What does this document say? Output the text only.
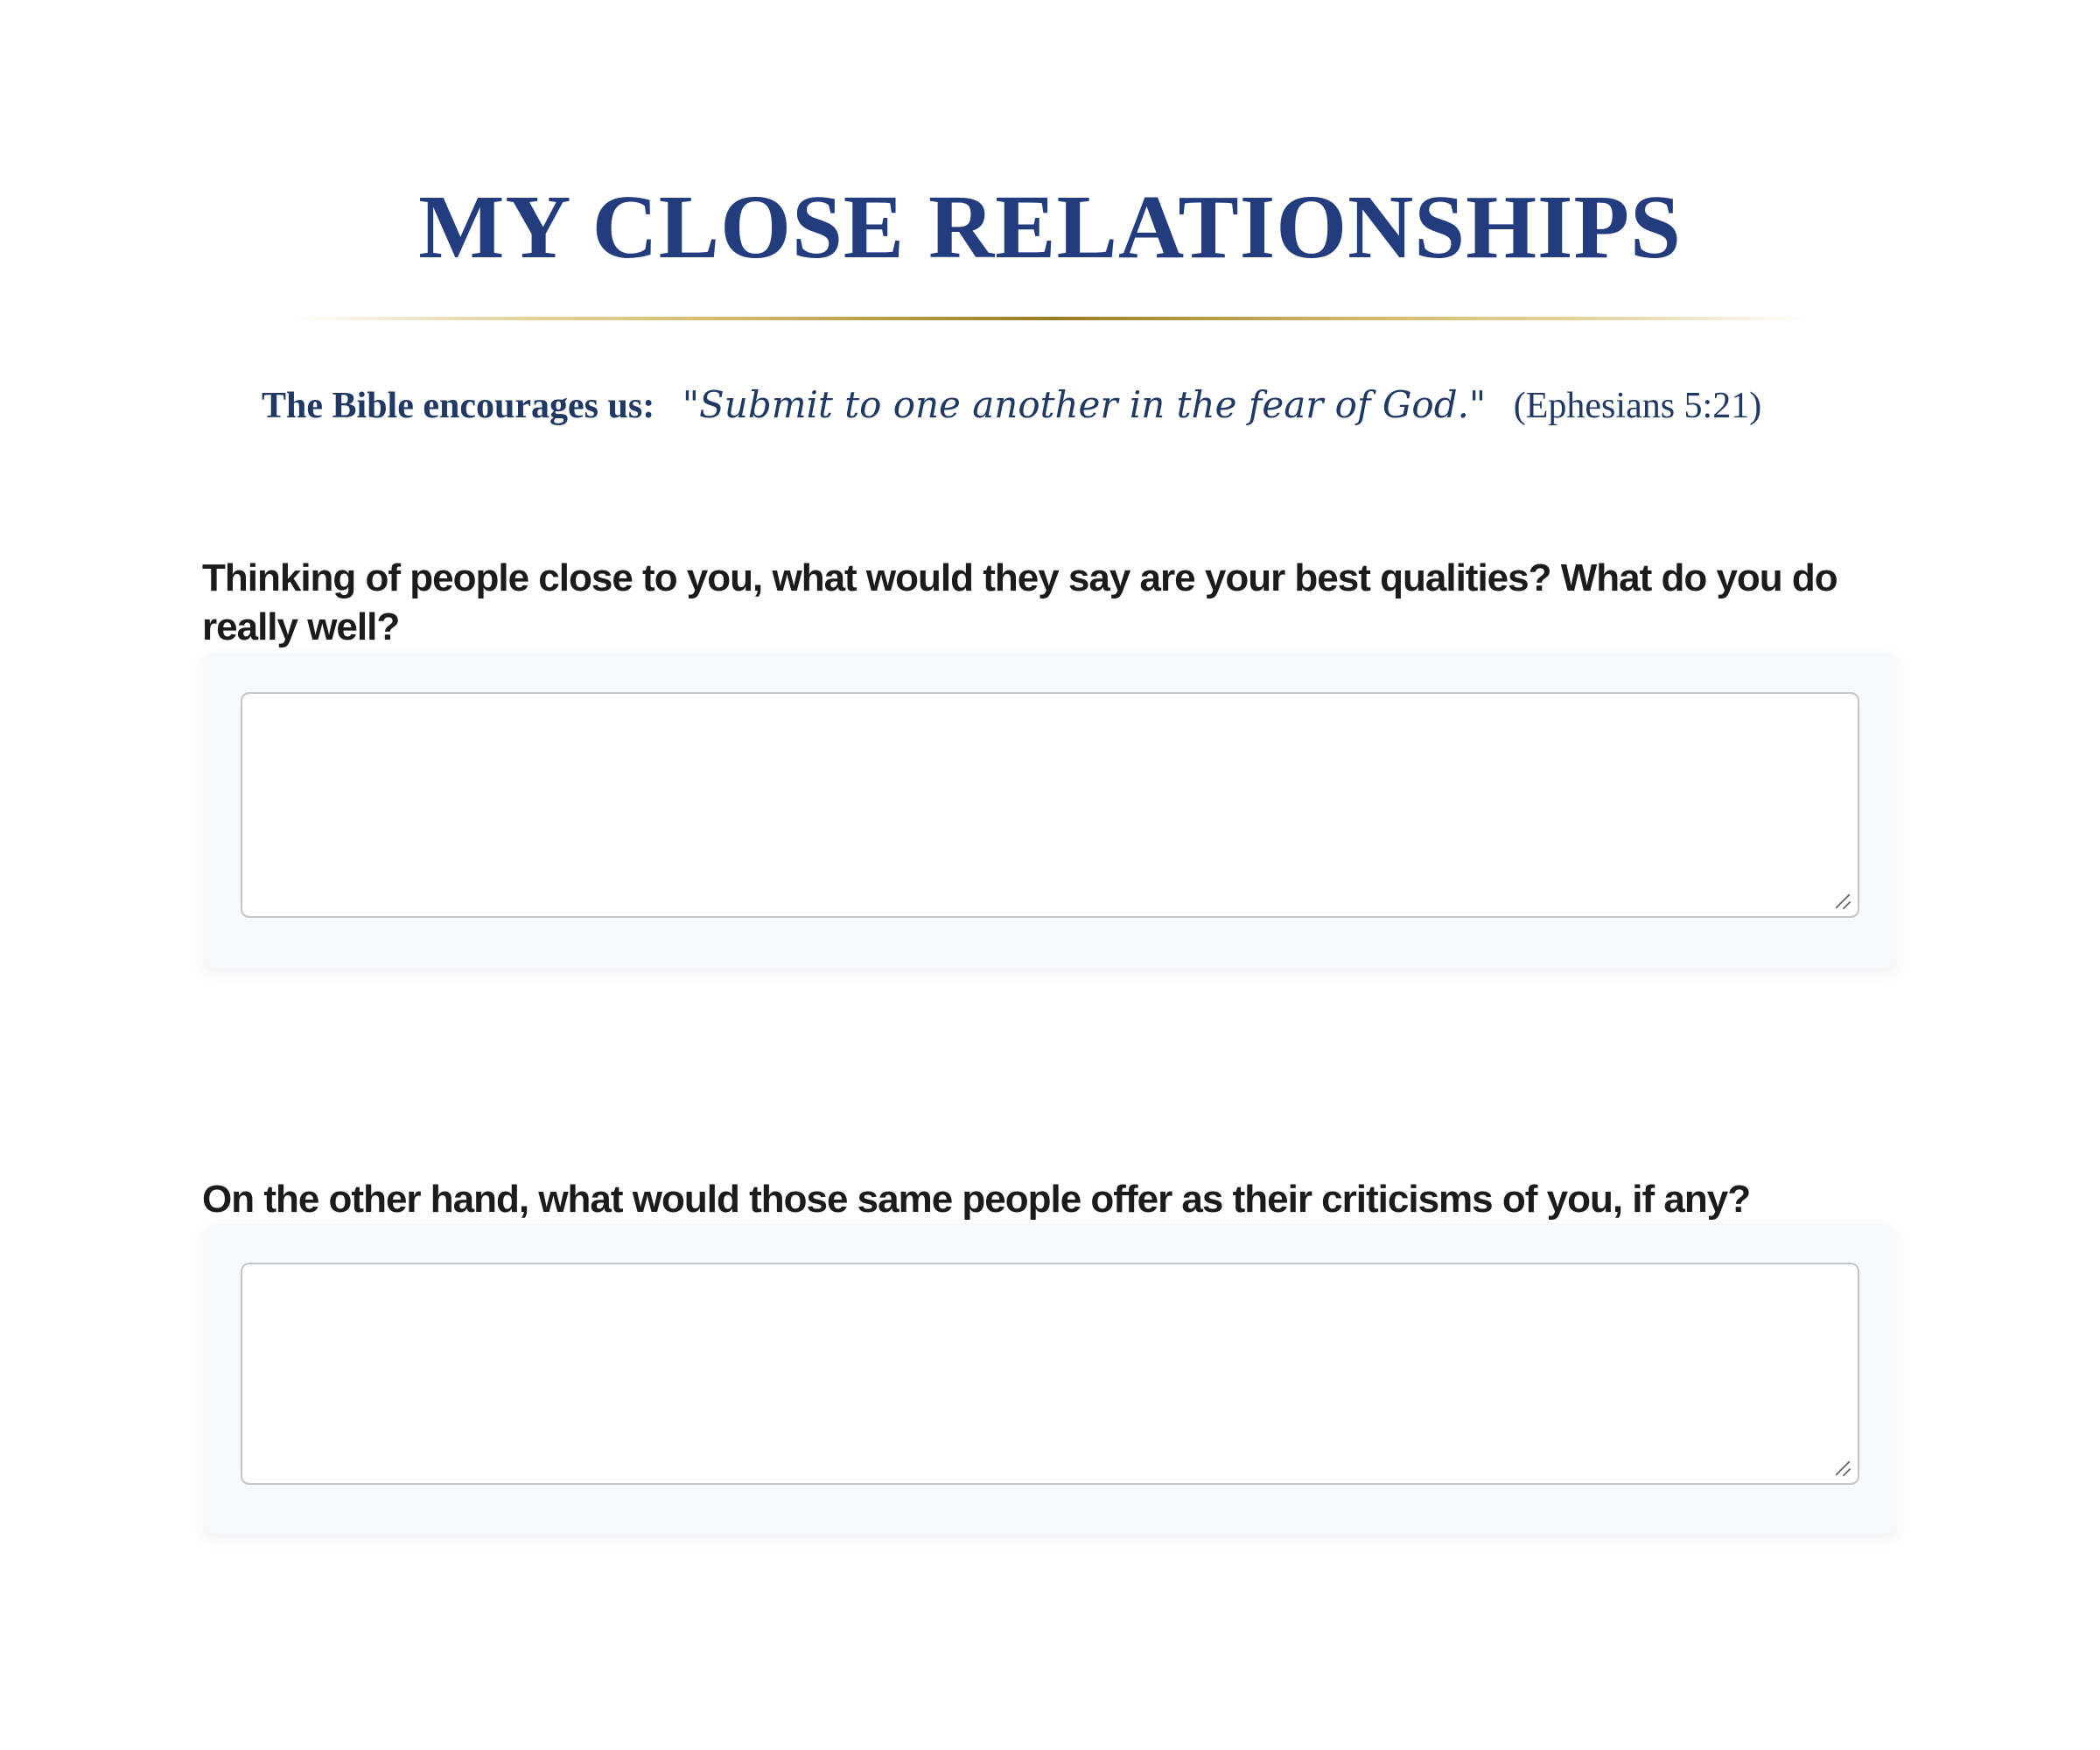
MY CLOSE RELATIONSHIPS

The Bible encourages us: "Submit to one another in the fear of God." (Ephesians 5:21)

Thinking of people close to you, what would they say are your best qualities? What do you do really well?

On the other hand, what would those same people offer as their criticisms of you, if any?
